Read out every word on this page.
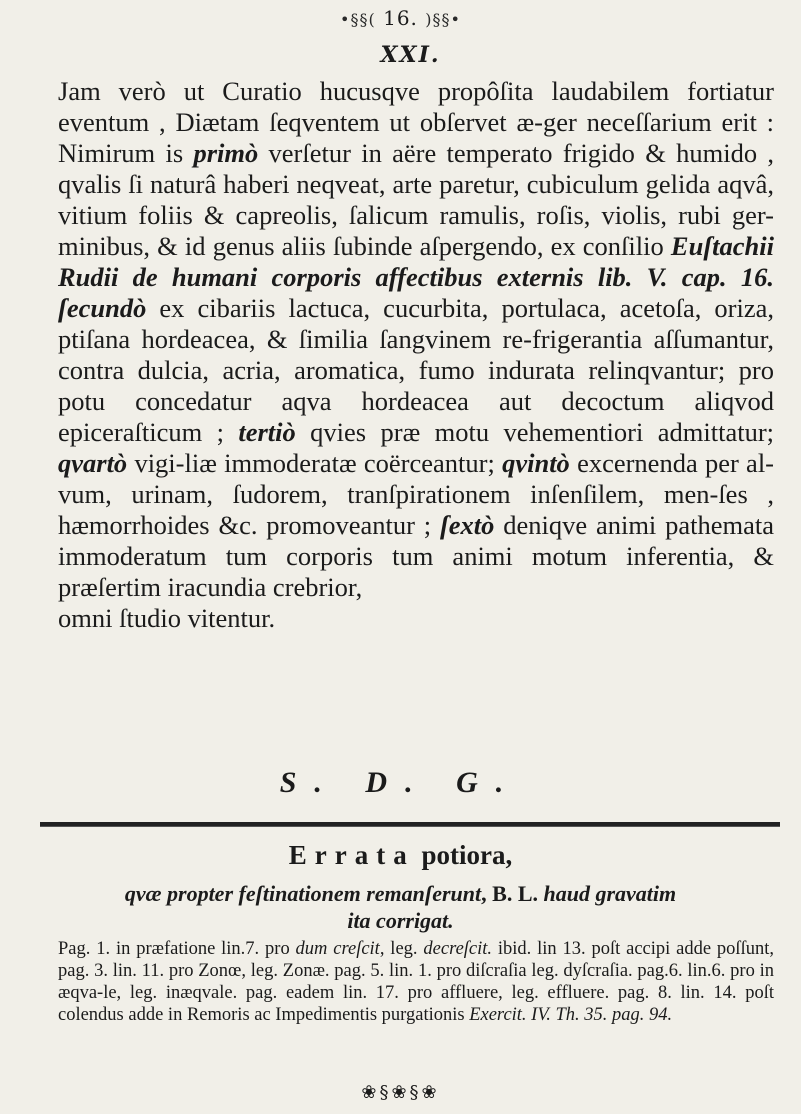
•§§( 16. )§§•
XXI.

Jam verò ut Curatio hucusqve propôſita laudabilem fortiatur eventum , Diætam ſeqventem ut obſervet æ-ger neceſſarium erit : Nimirum is primò verſetur in aëre temperato frigido & humido , qvalis ſi naturâ haberi neqveat, arte paretur, cubiculum gelida aqvâ, vitium foliis & capreolis, ſalicum ramulis, roſis, violis, rubi ger-minibus, & id genus aliis ſubinde aſpergendo, ex conſilio Euſtachii Rudii de humani corporis affectibus externis lib. V. cap. 16. ſecundò ex cibariis lactuca, cucurbita, portulaca, acetoſa, oriza, ptiſana hordeacea, & ſimilia ſangvinem re-frigerantia aſſumantur, contra dulcia, acria, aromatica, fumo indurata relinqvantur; pro potu concedatur aqva hordeacea aut decoctum aliqvod epiceraſticum ; tertiò qvies præ motu vehementiori admittatur; qvartò vigi-liæ immoderatæ coërceantur; qvintò excernenda per al-vum, urinam, ſudorem, tranſpirationem inſenſilem, men-ſes , hæmorrhoides &c. promoveantur ; ſextò deniqve animi pathemata immoderatum tum corporis tum animi motum inferentia, & præſertim iracundia crebrior,

omni ſtudio vitentur.

S. D. G.
Errata potiora,
qvæ propter feſtinationem remanſerunt, B. L. haud gravatim
ita corrigat.

Pag. 1. in præfatione lin.7. pro dum creſcit, leg. decreſcit. ibid. lin 13. poſt accipi adde poſſunt, pag. 3. lin. 11. pro Zonœ, leg. Zonæ. pag. 5. lin. 1. pro diſcraſia leg. dyſcraſia. pag.6. lin.6. pro in æqva-le, leg. inæqvale. pag. eadem lin. 17. pro affluere, leg. effluere. pag. 8. lin. 14. poſt colendus adde in Remoris ac Impedimentis purgationis Exercit. IV. Th. 35. pag. 94.

❀§❀§❀
